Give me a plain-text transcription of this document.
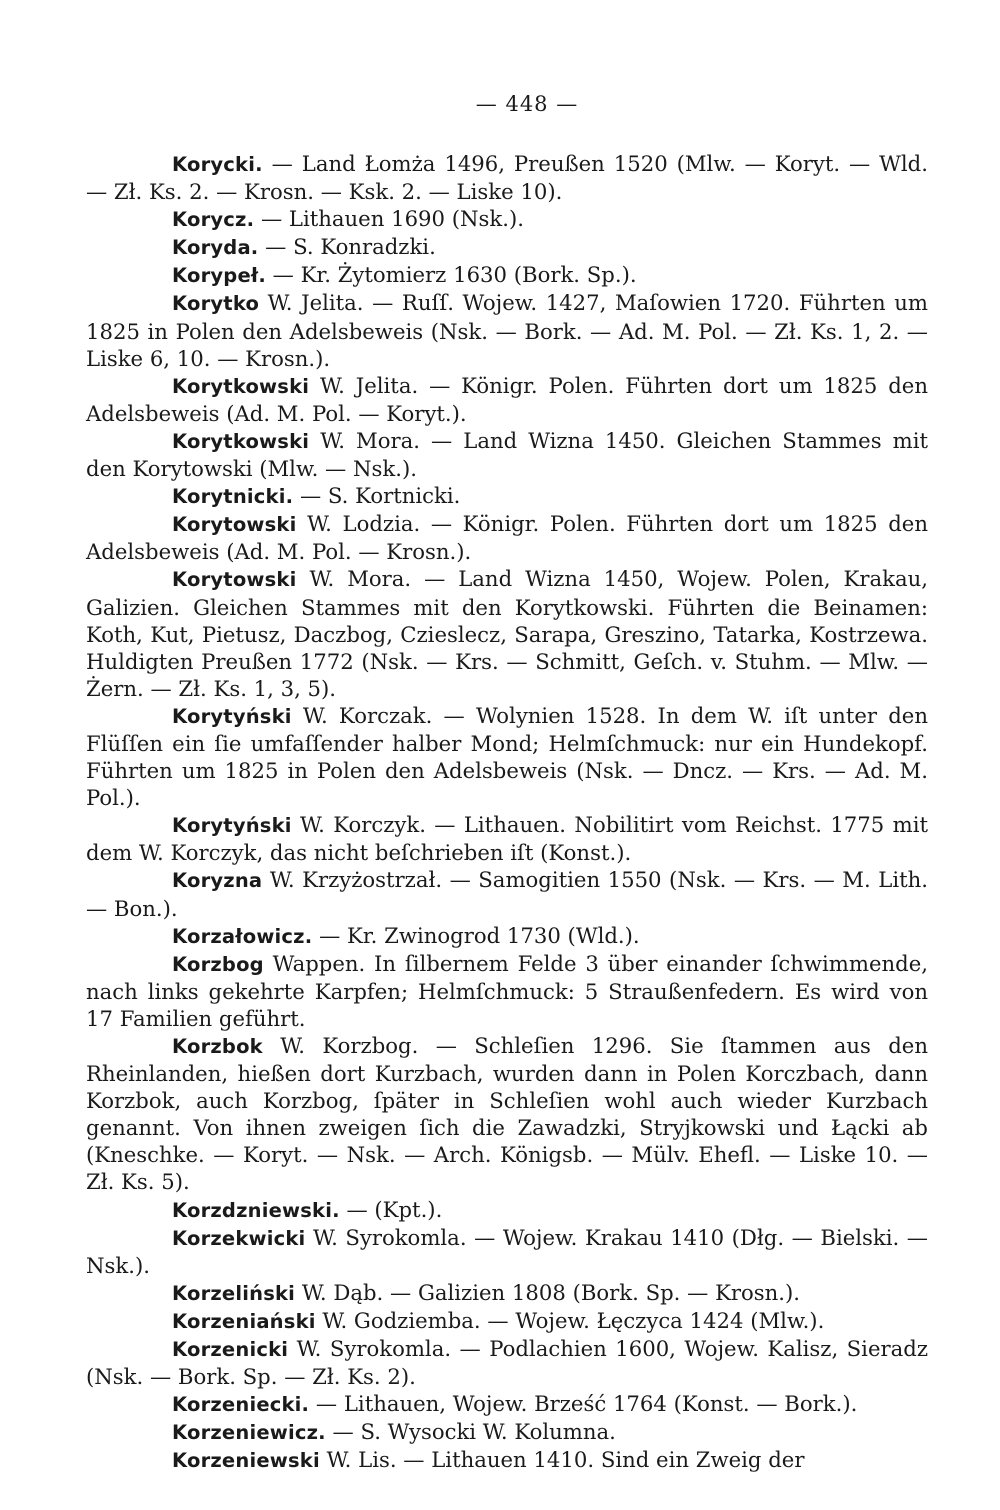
— 448 —

Korycki. — Land Łomża 1496, Preußen 1520 (Mlw. — Koryt. — Wld. — Zł. Ks. 2. — Krosn. — Ksk. 2. — Liske 10).

Korycz. — Lithauen 1690 (Nsk.).

Koryda. — S. Konradzki.

Korypeł. — Kr. Żytomierz 1630 (Bork. Sp.).

Korytko W. Jelita. — Ruſſ. Wojew. 1427, Maſowien 1720. Führten um 1825 in Polen den Adelsbeweis (Nsk. — Bork. — Ad. M. Pol. — Zł. Ks. 1, 2. — Liske 6, 10. — Krosn.).

Korytkowski W. Jelita. — Königr. Polen. Führten dort um 1825 den Adelsbeweis (Ad. M. Pol. — Koryt.).

Korytkowski W. Mora. — Land Wizna 1450. Gleichen Stammes mit den Korytowski (Mlw. — Nsk.).

Korytnicki. — S. Kortnicki.

Korytowski W. Lodzia. — Königr. Polen. Führten dort um 1825 den Adelsbeweis (Ad. M. Pol. — Krosn.).

Korytowski W. Mora. — Land Wizna 1450, Wojew. Polen, Krakau, Galizien. Gleichen Stammes mit den Korytkowski. Führten die Beinamen: Koth, Kut, Pietusz, Daczbog, Czieslecz, Sarapa, Greszino, Tatarka, Kostrzewa. Huldigten Preußen 1772 (Nsk. — Krs. — Schmitt, Geſch. v. Stuhm. — Mlw. — Żern. — Zł. Ks. 1, 3, 5).

Korytyński W. Korczak. — Wolynien 1528. In dem W. iſt unter den Flüſſen ein ſie umfaſſender halber Mond; Helmſchmuck: nur ein Hundekopf. Führten um 1825 in Polen den Adelsbeweis (Nsk. — Dncz. — Krs. — Ad. M. Pol.).

Korytyński W. Korczyk. — Lithauen. Nobilitirt vom Reichst. 1775 mit dem W. Korczyk, das nicht beſchrieben iſt (Konst.).

Koryzna W. Krzyżostrzał. — Samogitien 1550 (Nsk. — Krs. — M. Lith. — Bon.).

Korzałowicz. — Kr. Zwinogrod 1730 (Wld.).

Korzbog Wappen. In ſilbernem Felde 3 über einander ſchwimmende, nach links gekehrte Karpfen; Helmſchmuck: 5 Straußenfedern. Es wird von 17 Familien geführt.

Korzbok W. Korzbog. — Schleſien 1296. Sie ſtammen aus den Rheinlanden, hießen dort Kurzbach, wurden dann in Polen Korczbach, dann Korzbok, auch Korzbog, ſpäter in Schleſien wohl auch wieder Kurzbach genannt. Von ihnen zweigen ſich die Zawadzki, Stryjkowski und Łącki ab (Kneschke. — Koryt. — Nsk. — Arch. Königsb. — Mülv. Ehefl. — Liske 10. — Zł. Ks. 5).

Korzdzniewski. — (Kpt.).

Korzekwicki W. Syrokomla. — Wojew. Krakau 1410 (Dłg. — Bielski. — Nsk.).

Korzeliński W. Dąb. — Galizien 1808 (Bork. Sp. — Krosn.).

Korzeniański W. Godziemba. — Wojew. Łęczyca 1424 (Mlw.).

Korzenicki W. Syrokomla. — Podlachien 1600, Wojew. Kalisz, Sieradz (Nsk. — Bork. Sp. — Zł. Ks. 2).

Korzeniecki. — Lithauen, Wojew. Brześć 1764 (Konst. — Bork.).

Korzeniewicz. — S. Wysocki W. Kolumna.

Korzeniewski W. Lis. — Lithauen 1410. Sind ein Zweig der
